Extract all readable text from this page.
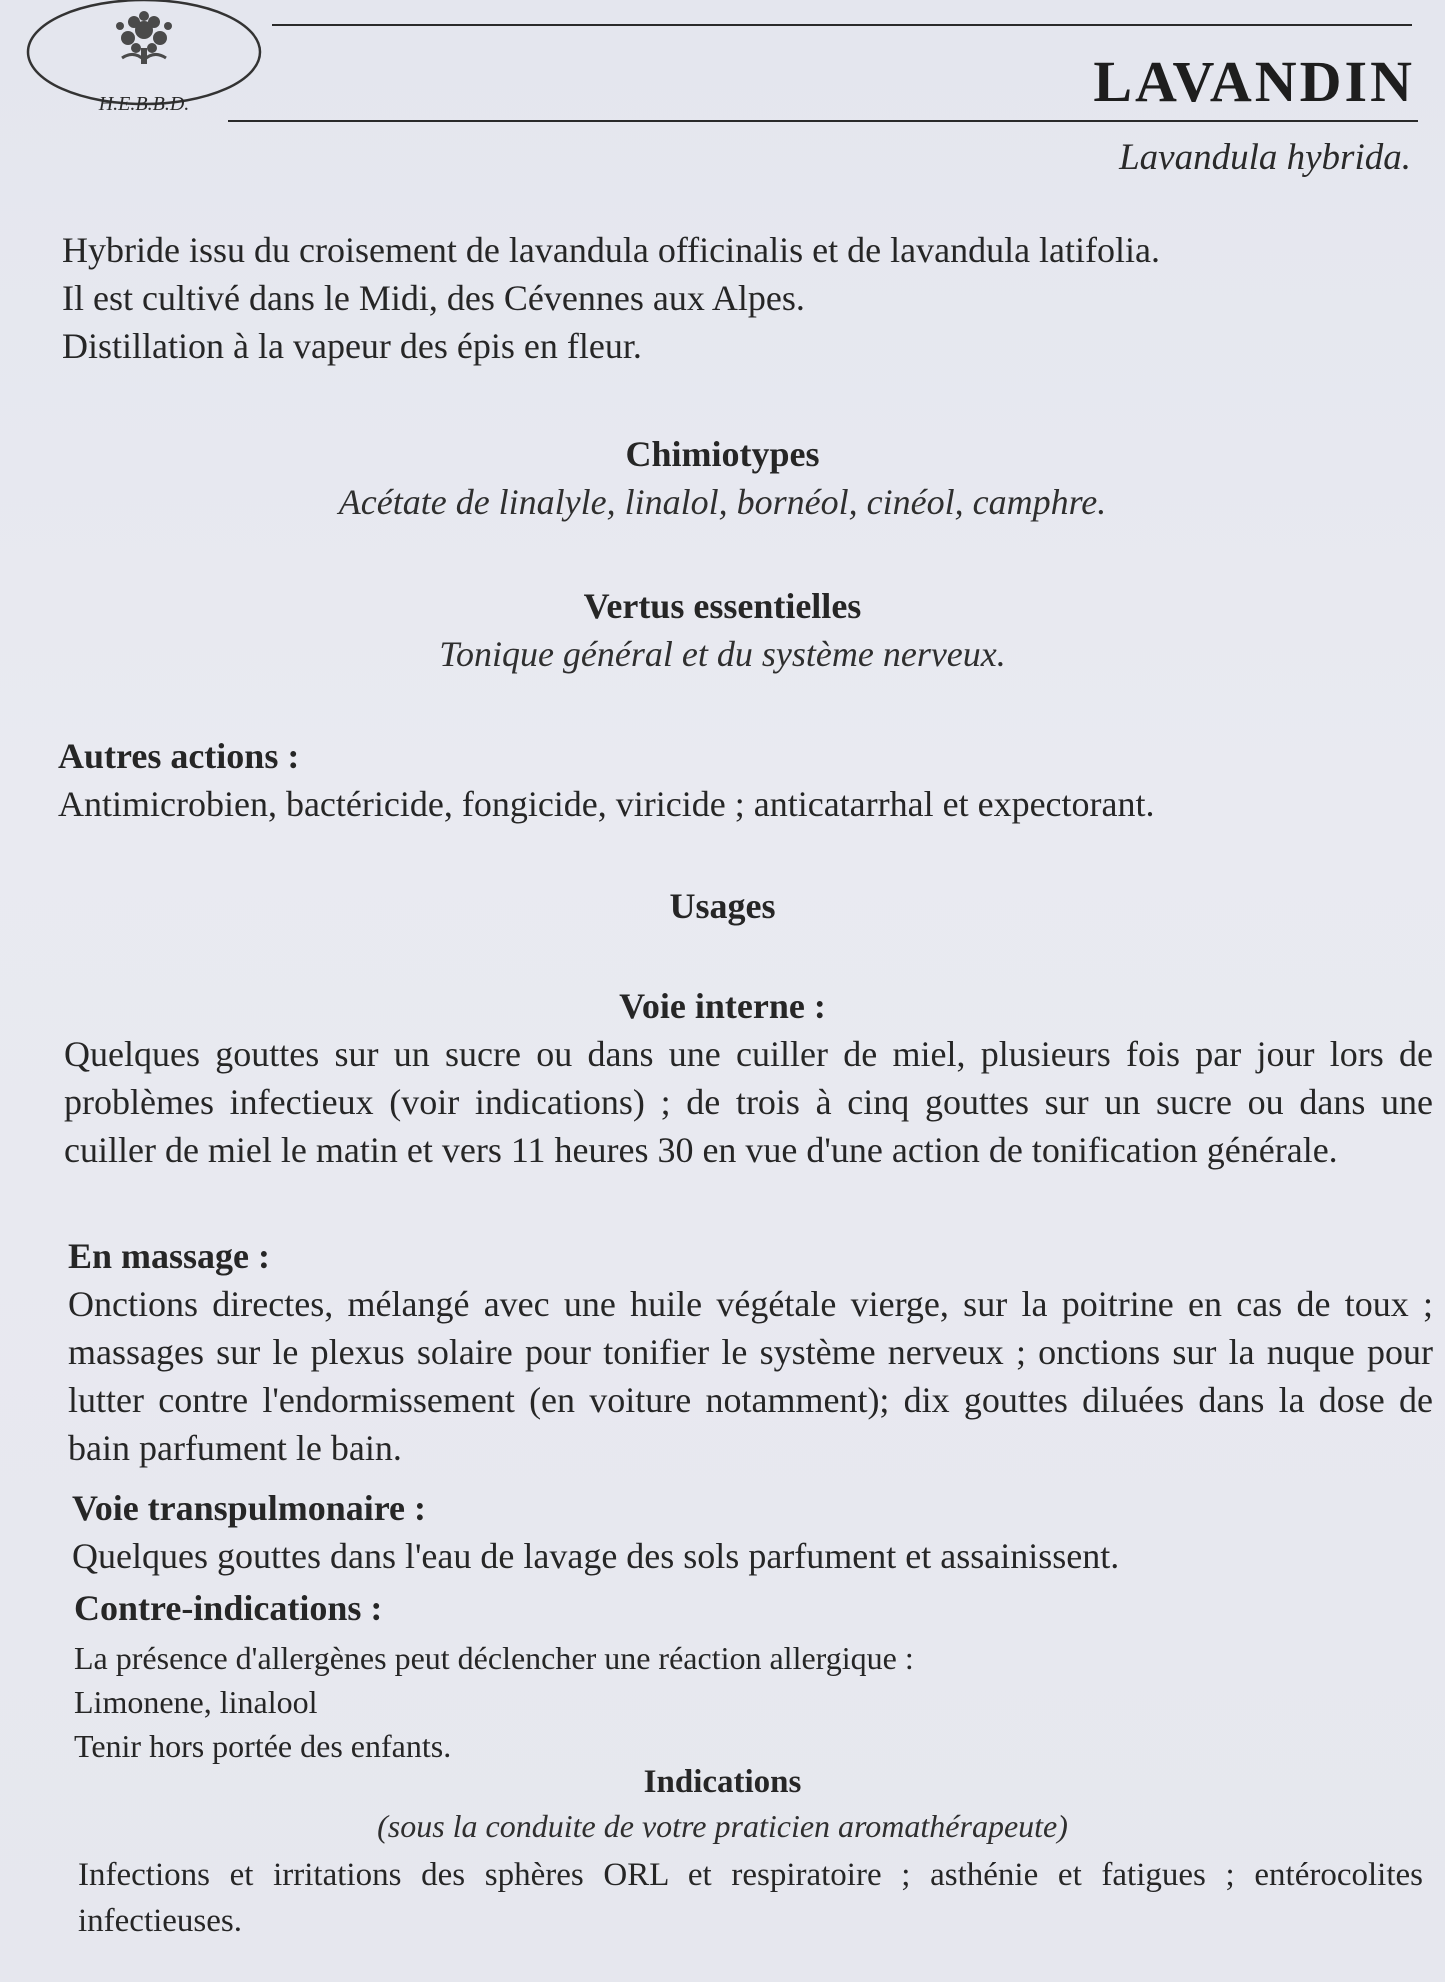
H.E.B.B.D.	LAVANDIN
Lavandula hybrida.

Hybride issu du croisement de lavandula officinalis et de lavandula latifolia.

Il est cultivé dans le Midi, des Cévennes aux Alpes.

Distillation à la vapeur des épis en fleur.

Chimiotypes

Acétate de linalyle, linalol, bornéol, cinéol, camphre.

Vertus essentielles

Tonique général et du système nerveux.

Autres actions :

Antimicrobien, bactéricide, fongicide, viricide ; anticatarrhal et expectorant.

Usages

Voie interne :

Quelques gouttes sur un sucre ou dans une cuiller de miel, plusieurs fois par jour lors de problèmes infectieux (voir indications) ; de trois à cinq gouttes sur un sucre ou dans une cuiller de miel le matin et vers 11 heures 30 en vue d'une action de tonification générale.

En massage :

Onctions directes, mélangé avec une huile végétale vierge, sur la poitrine en cas de toux ; massages sur le plexus solaire pour tonifier le système nerveux ; onctions sur la nuque pour lutter contre l'endormissement (en voiture notamment); dix gouttes diluées dans la dose de bain parfument le bain.

Voie transpulmonaire :

Quelques gouttes dans l'eau de lavage des sols parfument et assainissent.

Contre-indications :

La présence d'allergènes peut déclencher une réaction allergique :

Limonene, linalool

Tenir hors portée des enfants.

Indications

(sous la conduite de votre praticien aromathérapeute)

Infections et irritations des sphères ORL et respiratoire ; asthénie et fatigues ; entérocolites infectieuses.
